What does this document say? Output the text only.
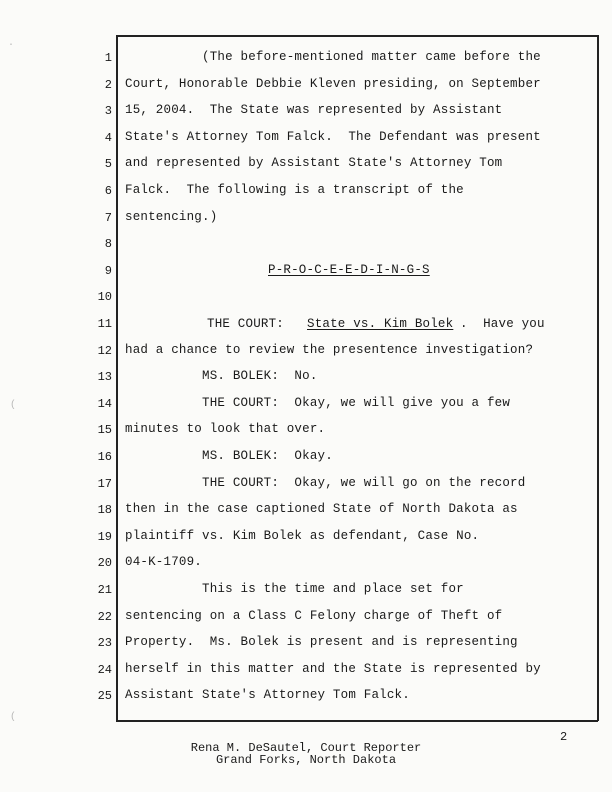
1 (The before-mentioned matter came before the
2 Court, Honorable Debbie Kleven presiding, on September
3 15, 2004.  The State was represented by Assistant
4 State's Attorney Tom Falck.  The Defendant was present
5 and represented by Assistant State's Attorney Tom
6 Falck.  The following is a transcript of the
7 sentencing.)
8
9
10
11
12 had a chance to review the presentence investigation?
13 MS. BOLEK:  No.
14 THE COURT:  Okay, we will give you a few
15 minutes to look that over.
16 MS. BOLEK:  Okay.
17 THE COURT:  Okay, we will go on the record
18 then in the case captioned State of North Dakota as
19 plaintiff vs. Kim Bolek as defendant, Case No.
20 04-K-1709.
21 This is the time and place set for
22 sentencing on a Class C Felony charge of Theft of
23 Property.  Ms. Bolek is present and is representing
24 herself in this matter and the State is represented by
25 Assistant State's Attorney Tom Falck.
P-R-O-C-E-E-D-I-N-G-S
THE COURT: State vs. Kim Bolek .  Have you
2
Rena M. DeSautel, Court Reporter
Grand Forks, North Dakota
·
(
(
